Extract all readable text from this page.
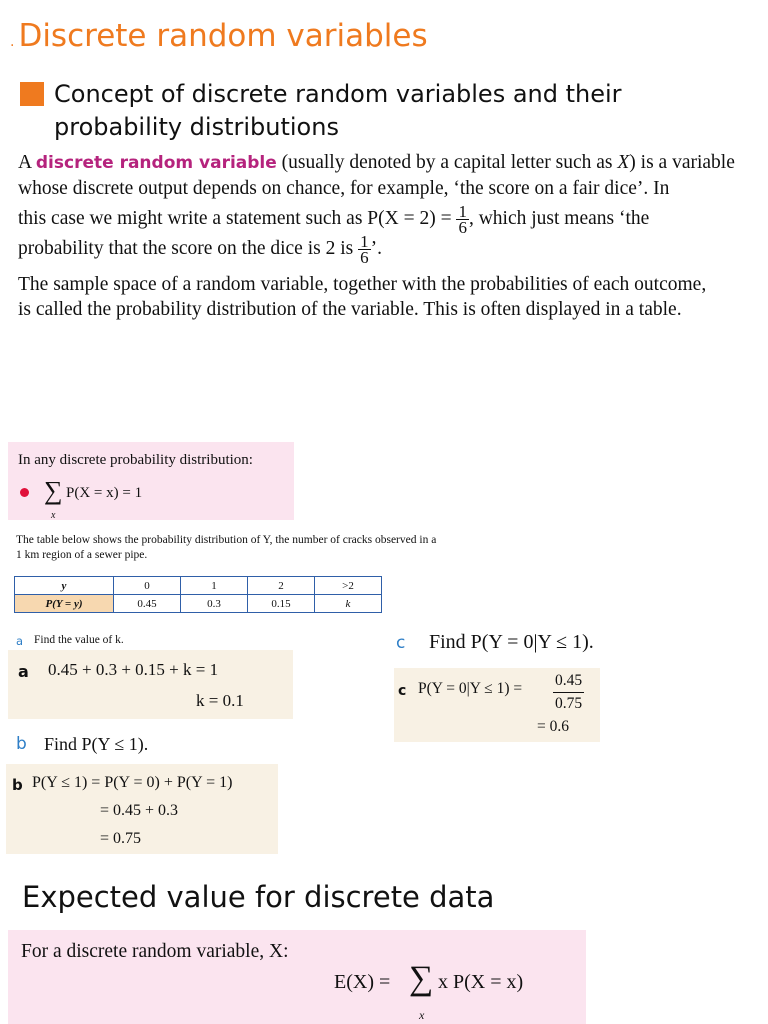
. Discrete random variables
Concept of discrete random variables and their
probability distributions
A discrete random variable (usually denoted by a capital letter such as X) is a variable
whose discrete output depends on chance, for example, ‘the score on a fair dice’. In
this case we might write a statement such as $P(X = 2) = \frac{1}{6}$ , which just means ‘the
probability that the score on the dice is 2 is $\frac{1}{6}$ ’.
The sample space of a random variable, together with the probabilities of each outcome,
is called the probability distribution of the variable. This is often displayed in a table.
In any discrete probability distribution:
∑
x
P(X = x) = 1
The table below shows the probability distribution of Y, the number of cracks observed in a
1 km region of a sewer pipe.
y	0	1	2	>2
P(Y = y)	0.45	0.3	0.15	k
a Find the value of k.
a 0.45 + 0.3 + 0.15 + k = 1
k = 0.1
b Find P(Y ≤ 1).
b P(Y ≤ 1) = P(Y = 0) + P(Y = 1)
= 0.45 + 0.3
= 0.75
c Find P(Y = 0|Y ≤ 1).
c $P(Y = 0|Y \le 1) = \frac{0.45}{0.75}$
= 0.6
Expected value for discrete data
For a discrete random variable, X:
E(X) = ∑
x
x P(X = x)
